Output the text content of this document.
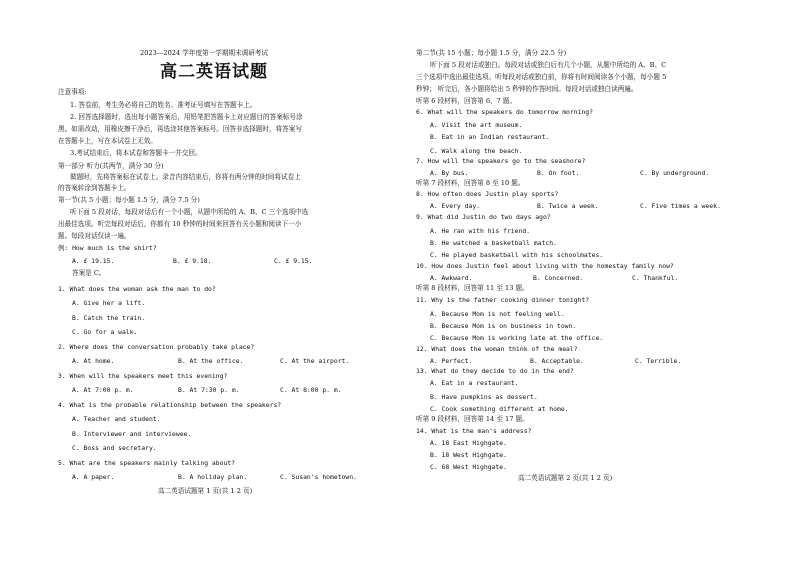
2023—2024 学年度第一学期期末调研考试
高二英语试题
注意事项:
1. 答卷前，考生务必将自己的姓名、准考证号填写在答题卡上。
2. 回答选择题时，选出每小题答案后，用铅笔把答题卡上对应题目的答案标号涂
黑。如需改动，用橡皮擦干净后，再选涂其他答案标号。回答非选择题时，将答案写
在答题卡上，写在本试卷上无效。
3.考试结束后，将本试卷和答题卡一并交回。
第一部分 听力(共两节，满分 30 分)
做题时，先将答案标在试卷上。录音内容结束后，你将有两分钟的时间将试卷上
的答案转涂到答题卡上。
第一节(共 5 小题；每小题 1.5 分，满分 7.5 分)
听下面 5 段对话，每段对话后有一个小题，从题中所给的 A、B、C 三个选项中选
出最佳选项。听完每段对话后，你都有 10 秒钟的时间来回答有关小题和阅读下一小
题。每段对话仅读一遍。
例: How much is the shirt?
A. £ 19.15.	B. £ 9.18.	C. £ 9.15.
答案是 C。
1. What does the woman ask the man to do?
A. Give her a lift.
B. Catch the train.
C. Go for a walk.
2. Where does the conversation probably take place?
A. At home.	B. At the office.	C. At the airport.
3. When will the speakers meet this evening?
A. At 7:00 p. m.	B. At 7:30 p. m.	C. At 8:00 p. m.
4. What is the probable relationship between the speakers?
A. Teacher and student.
B. Interviewer and interviewee.
C. Boss and secretary.
5. What are the speakers mainly talking about?
A. A paper.	B. A holiday plan.	C. Susan's hometown.
高二英语试题第 1 页(共 1 2 页)
第二节(共 15 小题；每小题 1.5 分，满分 22.5 分)
听下面 5 段对话或独白。每段对话或独白后有几个小题，从题中所给的 A、B、C
三个选项中选出最佳选项。听每段对话或独白前，你将有时间阅读各个小题，每小题 5
秒钟； 听完后，各小题将给出 5 秒钟的作答时间。每段对话或独白读两遍。
听第 6 段材料，回答第 6、7 题。
6. What will the speakers do tomorrow morning?
A. Visit the art museum.
B. Eat in an Indian restaurant.
C. Walk along the beach.
7. How will the speakers go to the seashore?
A. By bus.	B. On foot.	C. By underground.
听第 7 段材料，回答第 8 至 10 题。
8. How often does Justin play sports?
A. Every day.	B. Twice a week.	C. Five times a week.
9. What did Justin do two days ago?
A. He ran with his friend.
B. He watched a basketball match.
C. He played basketball with his schoolmates.
10. How does Justin feel about living with the homestay family now?
A. Awkward.	B. Concerned.	C. Thankful.
听第 8 段材料，回答第 11 至 13 题。
11. Why is the father cooking dinner tonight?
A. Because Mom is not feeling well.
B. Because Mom is on business in town.
C. Because Mom is working late at the office.
12. What does the woman think of the meal?
A. Perfect.	B. Acceptable.	C. Terrible.
13. What do they decide to do in the end?
A. Eat in a restaurant.
B. Have pumpkins as dessert.
C. Cook something different at home.
听第 9 段材料，回答第 14 至 17 题。
14. What is the man's address?
A. 18 East Highgate.
B. 18 West Highgate.
C. 68 West Highgate.
高二英语试题第 2 页(共 1 2 页)
